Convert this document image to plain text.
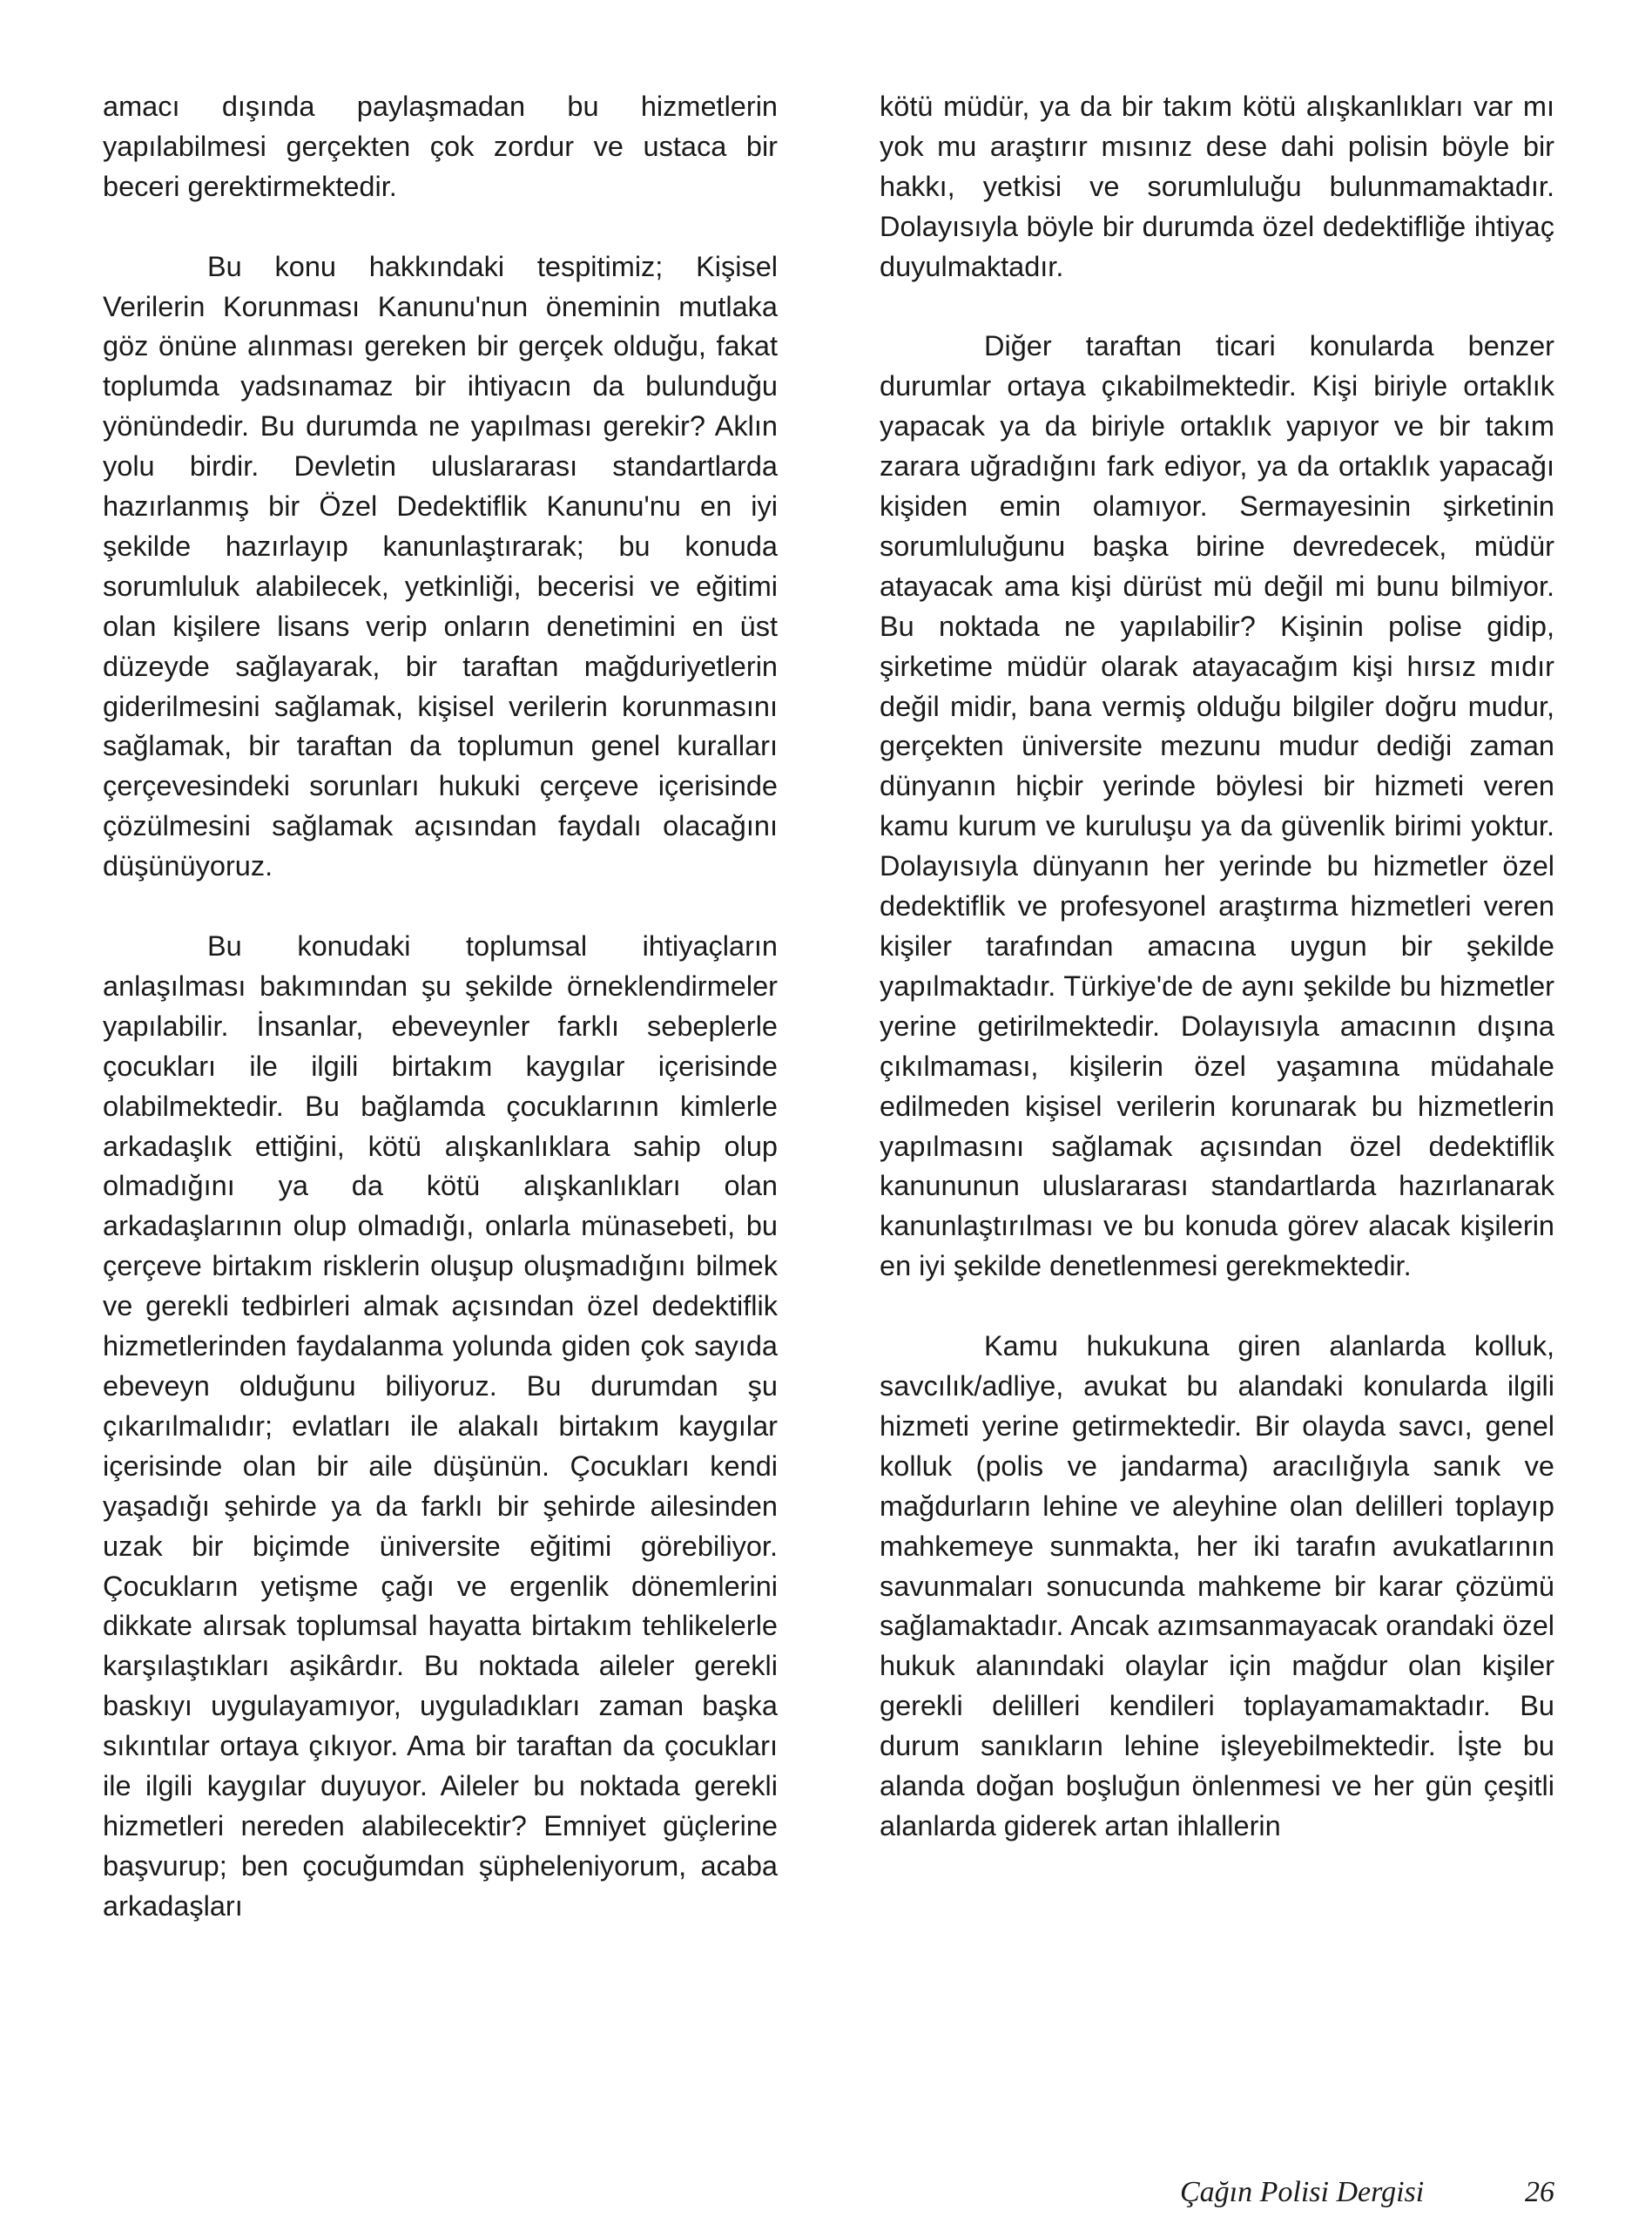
amacı dışında paylaşmadan bu hizmetlerin yapılabilmesi gerçekten çok zordur ve ustaca bir beceri gerektirmektedir.

Bu konu hakkındaki tespitimiz; Kişisel Verilerin Korunması Kanunu'nun öneminin mutlaka göz önüne alınması gereken bir gerçek olduğu, fakat toplumda yadsınamaz bir ihtiyacın da bulunduğu yönündedir. Bu durumda ne yapılması gerekir? Aklın yolu birdir. Devletin uluslararası standartlarda hazırlanmış bir Özel Dedektiflik Kanunu'nu en iyi şekilde hazırlayıp kanunlaştırarak; bu konuda sorumluluk alabilecek, yetkinliği, becerisi ve eğitimi olan kişilere lisans verip onların denetimini en üst düzeyde sağlayarak, bir taraftan mağduriyetlerin giderilmesini sağlamak, kişisel verilerin korunmasını sağlamak, bir taraftan da toplumun genel kuralları çerçevesindeki sorunları hukuki çerçeve içerisinde çözülmesini sağlamak açısından faydalı olacağını düşünüyoruz.

Bu konudaki toplumsal ihtiyaçların anlaşılması bakımından şu şekilde örneklendirmeler yapılabilir. İnsanlar, ebeveynler farklı sebeplerle çocukları ile ilgili birtakım kaygılar içerisinde olabilmektedir. Bu bağlamda çocuklarının kimlerle arkadaşlık ettiğini, kötü alışkanlıklara sahip olup olmadığını ya da kötü alışkanlıkları olan arkadaşlarının olup olmadığı, onlarla münasebeti, bu çerçeve birtakım risklerin oluşup oluşmadığını bilmek ve gerekli tedbirleri almak açısından özel dedektiflik hizmetlerinden faydalanma yolunda giden çok sayıda ebeveyn olduğunu biliyoruz. Bu durumdan şu çıkarılmalıdır; evlatları ile alakalı birtakım kaygılar içerisinde olan bir aile düşünün. Çocukları kendi yaşadığı şehirde ya da farklı bir şehirde ailesinden uzak bir biçimde üniversite eğitimi görebiliyor. Çocukların yetişme çağı ve ergenlik dönemlerini dikkate alırsak toplumsal hayatta birtakım tehlikelerle karşılaştıkları aşikârdır. Bu noktada aileler gerekli baskıyı uygulayamıyor, uyguladıkları zaman başka sıkıntılar ortaya çıkıyor. Ama bir taraftan da çocukları ile ilgili kaygılar duyuyor. Aileler bu noktada gerekli hizmetleri nereden alabilecektir? Emniyet güçlerine başvurup; ben çocuğumdan şüpheleniyorum, acaba arkadaşları

kötü müdür, ya da bir takım kötü alışkanlıkları var mı yok mu araştırır mısınız dese dahi polisin böyle bir hakkı, yetkisi ve sorumluluğu bulunmamaktadır. Dolayısıyla böyle bir durumda özel dedektifliğe ihtiyaç duyulmaktadır.

Diğer taraftan ticari konularda benzer durumlar ortaya çıkabilmektedir. Kişi biriyle ortaklık yapacak ya da biriyle ortaklık yapıyor ve bir takım zarara uğradığını fark ediyor, ya da ortaklık yapacağı kişiden emin olamıyor. Sermayesinin şirketinin sorumluluğunu başka birine devredecek, müdür atayacak ama kişi dürüst mü değil mi bunu bilmiyor. Bu noktada ne yapılabilir? Kişinin polise gidip, şirketime müdür olarak atayacağım kişi hırsız mıdır değil midir, bana vermiş olduğu bilgiler doğru mudur, gerçekten üniversite mezunu mudur dediği zaman dünyanın hiçbir yerinde böylesi bir hizmeti veren kamu kurum ve kuruluşu ya da güvenlik birimi yoktur. Dolayısıyla dünyanın her yerinde bu hizmetler özel dedektiflik ve profesyonel araştırma hizmetleri veren kişiler tarafından amacına uygun bir şekilde yapılmaktadır. Türkiye'de de aynı şekilde bu hizmetler yerine getirilmektedir. Dolayısıyla amacının dışına çıkılmaması, kişilerin özel yaşamına müdahale edilmeden kişisel verilerin korunarak bu hizmetlerin yapılmasını sağlamak açısından özel dedektiflik kanununun uluslararası standartlarda hazırlanarak kanunlaştırılması ve bu konuda görev alacak kişilerin en iyi şekilde denetlenmesi gerekmektedir.

Kamu hukukuna giren alanlarda kolluk, savcılık/adliye, avukat bu alandaki konularda ilgili hizmeti yerine getirmektedir. Bir olayda savcı, genel kolluk (polis ve jandarma) aracılığıyla sanık ve mağdurların lehine ve aleyhine olan delilleri toplayıp mahkemeye sunmakta, her iki tarafın avukatlarının savunmaları sonucunda mahkeme bir karar çözümü sağlamaktadır. Ancak azımsanmayacak orandaki özel hukuk alanındaki olaylar için mağdur olan kişiler gerekli delilleri kendileri toplayamamaktadır. Bu durum sanıkların lehine işleyebilmektedir. İşte bu alanda doğan boşluğun önlenmesi ve her gün çeşitli alanlarda giderek artan ihlallerin

Çağın Polisi Dergisi	26
